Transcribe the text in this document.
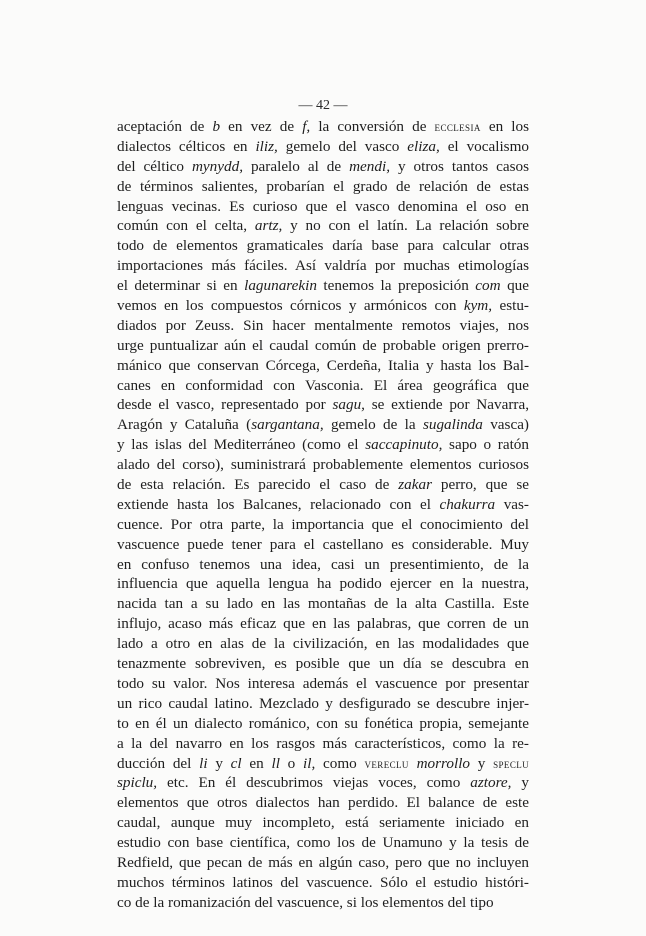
— 42 —
aceptación de b en vez de f, la conversión de ecclesia en los
dialectos célticos en iliz, gemelo del vasco eliza, el vocalismo
del céltico mynydd, paralelo al de mendi, y otros tantos casos
de términos salientes, probarían el grado de relación de estas
lenguas vecinas. Es curioso que el vasco denomina el oso en
común con el celta, artz, y no con el latín. La relación sobre
todo de elementos gramaticales daría base para calcular otras
importaciones más fáciles. Así valdría por muchas etimologías
el determinar si en lagunarekin tenemos la preposición com que
vemos en los compuestos córnicos y armónicos con kym, estu-
diados por Zeuss. Sin hacer mentalmente remotos viajes, nos
urge puntualizar aún el caudal común de probable origen prerro-
mánico que conservan Córcega, Cerdeña, Italia y hasta los Bal-
canes en conformidad con Vasconia. El área geográfica que
desde el vasco, representado por sagu, se extiende por Navarra,
Aragón y Cataluña (sargantana, gemelo de la sugalinda vasca)
y las islas del Mediterráneo (como el saccapinuto, sapo o ratón
alado del corso), suministrará probablemente elementos curiosos
de esta relación. Es parecido el caso de zakar perro, que se
extiende hasta los Balcanes, relacionado con el chakurra vas-
cuence. Por otra parte, la importancia que el conocimiento del
vascuence puede tener para el castellano es considerable. Muy
en confuso tenemos una idea, casi un presentimiento, de la
influencia que aquella lengua ha podido ejercer en la nuestra,
nacida tan a su lado en las montañas de la alta Castilla. Este
influjo, acaso más eficaz que en las palabras, que corren de un
lado a otro en alas de la civilización, en las modalidades que
tenazmente sobreviven, es posible que un día se descubra en
todo su valor. Nos interesa además el vascuence por presentar
un rico caudal latino. Mezclado y desfigurado se descubre injer-
to en él un dialecto románico, con su fonética propia, semejante
a la del navarro en los rasgos más característicos, como la re-
ducción del li y cl en ll o il, como vereclu morrollo y speclu
spiclu, etc. En él descubrimos viejas voces, como aztore, y
elementos que otros dialectos han perdido. El balance de este
caudal, aunque muy incompleto, está seriamente iniciado en
estudio con base científica, como los de Unamuno y la tesis de
Redfield, que pecan de más en algún caso, pero que no incluyen
muchos términos latinos del vascuence. Sólo el estudio históri-
co de la romanización del vascuence, si los elementos del tipo
